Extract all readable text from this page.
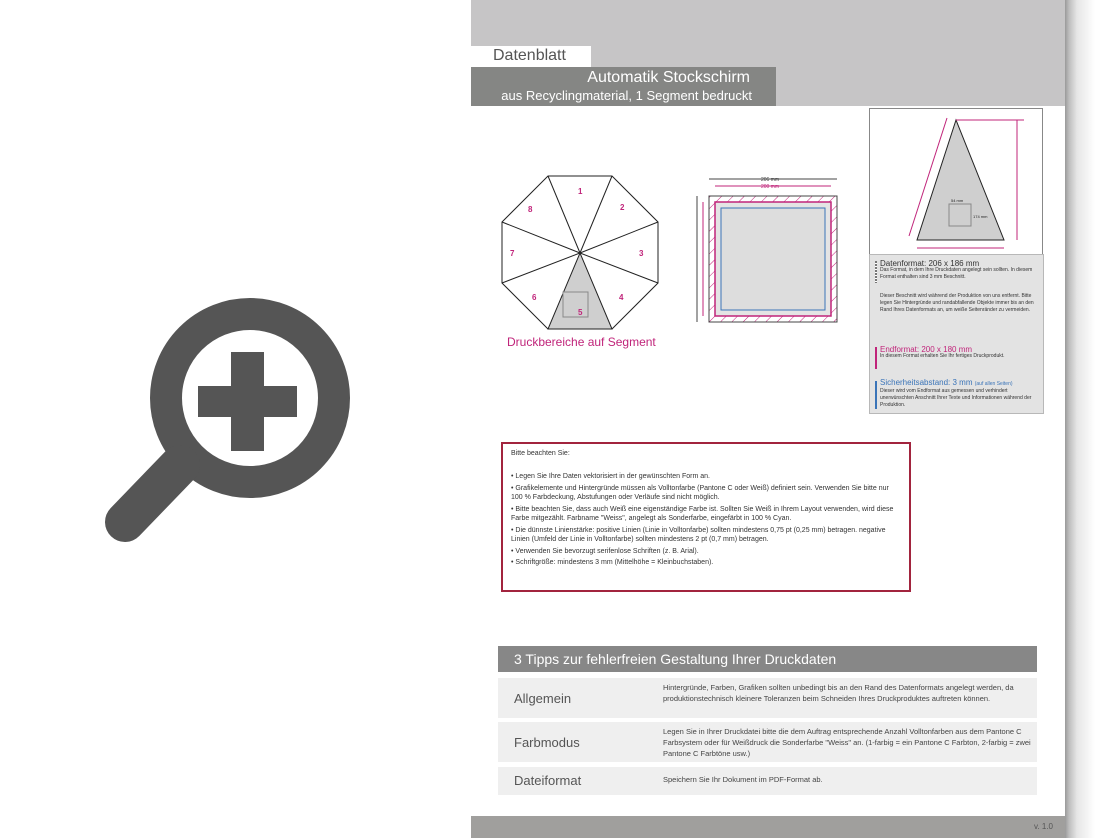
Datenblatt
Automatik Stockschirm
aus Recyclingmaterial, 1 Segment bedruckt
1
2
3
4
5
6
7
8
Druckbereiche auf Segment
206 mm
200 mm
54 mm
174 mm
Datenformat: 206 x 186 mm
Das Format, in dem Ihre Druckdaten angelegt sein sollten. In diesem Format enthalten sind 3 mm Beschnitt.
Dieser Beschnitt wird während der Produktion von uns entfernt. Bitte legen Sie Hintergründe und randabfallende Objekte immer bis an den Rand Ihres Datenformats an, um weiße Seitenränder zu vermeiden.
Endformat: 200 x 180 mm
In diesem Format erhalten Sie Ihr fertiges Druckprodukt.
Sicherheitsabstand: 3 mm (auf allen Seiten)
Dieser wird vom Endformat aus gemessen und verhindert unerwünschten Anschnitt Ihrer Texte und Informationen während der Produktion.
Bitte beachten Sie:
• Legen Sie Ihre Daten vektorisiert in der gewünschten Form an.
• Grafikelemente und Hintergründe müssen als Volltonfarbe (Pantone C oder Weiß) definiert sein. Verwenden Sie bitte nur 100 % Farbdeckung, Abstufungen oder Verläufe sind nicht möglich.
• Bitte beachten Sie, dass auch Weiß eine eigenständige Farbe ist. Sollten Sie Weiß in Ihrem Layout verwenden, wird diese Farbe mitgezählt. Farbname "Weiss", angelegt als Sonderfarbe, eingefärbt in 100 % Cyan.
• Die dünnste Linienstärke: positive Linien (Linie in Volltonfarbe) sollten mindestens 0,75 pt (0,25 mm) betragen. negative Linien (Umfeld der Linie in Volltonfarbe) sollten mindestens 2 pt (0,7 mm) betragen.
• Verwenden Sie bevorzugt serifenlose Schriften (z. B. Arial).
• Schriftgröße: mindestens 3 mm (Mittelhöhe = Kleinbuchstaben).
3 Tipps zur fehlerfreien Gestaltung Ihrer Druckdaten
Allgemein
Hintergründe, Farben, Grafiken sollten unbedingt bis an den Rand des Datenformats angelegt werden, da produktionstechnisch kleinere Toleranzen beim Schneiden Ihres Druckproduktes auftreten können.
Farbmodus
Legen Sie in Ihrer Druckdatei bitte die dem Auftrag entsprechende Anzahl Volltonfarben aus dem Pantone C Farbsystem oder für Weißdruck die Sonderfarbe "Weiss" an. (1-farbig = ein Pantone C Farbton, 2-farbig = zwei Pantone C Farbtöne usw.)
Dateiformat	Speichern Sie Ihr Dokument im PDF-Format ab.
v. 1.0
